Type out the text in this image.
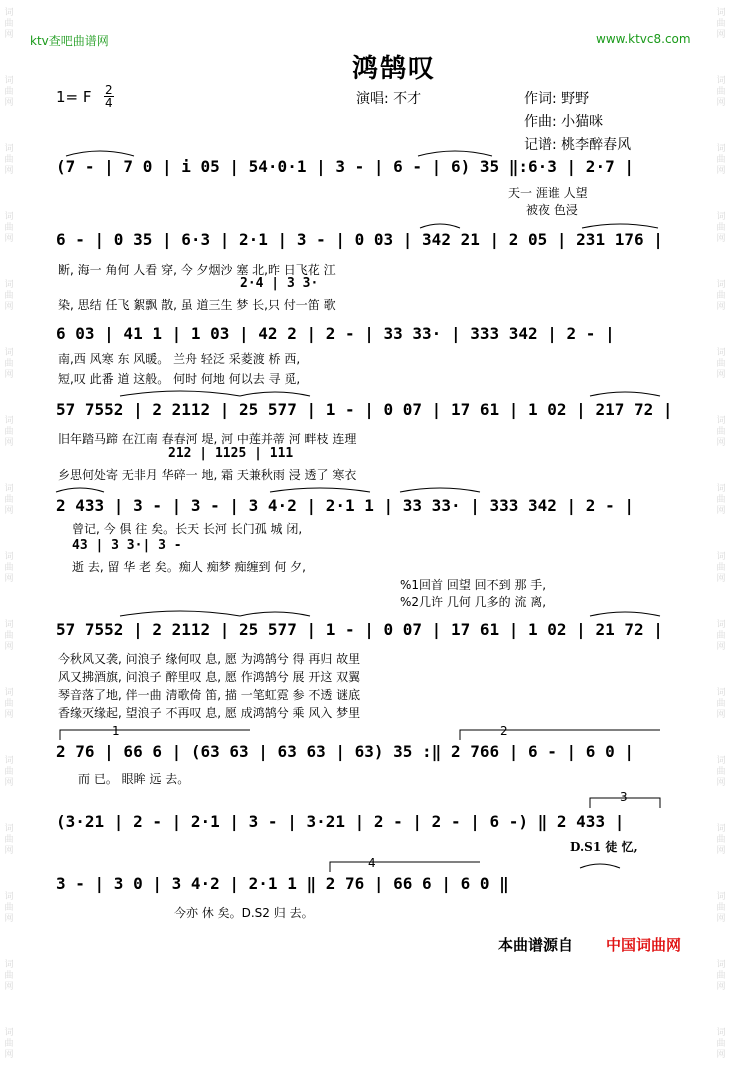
词
曲
网
词
曲
网
词
曲
网
词
曲
网
词
曲
网
词
曲
网
词
曲
网
词
曲
网
词
曲
网
词
曲
网
词
曲
网
词
曲
网
词
曲
网
词
曲
网
词
曲
网
词
曲
网
词
曲
网
词
曲
网
词
曲
网
词
曲
网
词
曲
网
词
曲
网
词
曲
网
词
曲
网
词
曲
网
词
曲
网
词
曲
网
词
曲
网
词
曲
网
词
曲
网
词
曲
网
词
曲
网
ktv查吧曲谱网	www.ktvc8.com
鸿鹄叹
1= F $\frac{2}{4}$	演唱: 不才	作词: 野野
作曲: 小猫咪
记谱: 桃李醉春风
(7 - | 7 0 | i 05 | 54·0·1 | 3 - | 6 - | 6) 35 ‖:6·3 | 2·7 |
天一 涯谁 人望
被夜 色浸
6 - | 0 35 | 6·3 | 2·1 | 3 - | 0 03 | 342 21 | 2 05 | 231 176 |
断, 海一 角何 人看 穿, 今 夕烟沙 塞 北,昨 日飞花 江
2·4 | 3 3·
染, 思结 任飞 絮飘 散, 虽 道三生 梦 长,只 付一笛 歌
6 03 | 41 1 | 1 03 | 42 2 | 2 - | 33 33· | 333 342 | 2 - |
南,西 风寒 东 风暖。 兰舟 轻泛 采菱渡 桥 西,
短,叹 此番 道 这般。 何时 何地 何以去 寻 觅,
57 7552 | 2 2112 | 25 577 | 1 - | 0 07 | 17 61 | 1 02 | 217 72 |
旧年踏马蹄 在江南 春春河 堤, 河 中莲并蒂 河 畔枝 连理
212 | 1125 | 111
乡思何处寄 无非月 华碎一 地, 霜 天兼秋雨 浸 透了 寒衣
2 433 | 3 - | 3 - | 3 4·2 | 2·1 1 | 33 33· | 333 342 | 2 - |
曾记, 今 俱 往 矣。长天 长河 长门孤 城 闭,
43 | 3 3·| 3 -
逝 去, 留 华 老 矣。痴人 痴梦 痴缠到 何 夕,
%1回首 回望 回不到 那 手,
%2几许 几何 几多的 流 离,
57 7552 | 2 2112 | 25 577 | 1 - | 0 07 | 17 61 | 1 02 | 21 72 |
今秋风又袭, 问浪子 缘何叹 息, 愿 为鸿鹄兮 得 再归 故里
风又拂酒旗, 问浪子 醉里叹 息, 愿 作鸿鹄兮 展 开这 双翼
琴音落了地, 伴一曲 清歌倚 笛, 描 一笔虹霓 参 不透 谜底
香缘灭缘起, 望浪子 不再叹 息, 愿 成鸿鹄兮 乘 风入 梦里
1	2
2 76 | 66 6 | (63 63 | 63 63 | 63) 35 :‖ 2 766 | 6 - | 6 0 |
而 已。 眼眸 远 去。
3
(3·21 | 2 - | 2·1 | 3 - | 3·21 | 2 - | 2 - | 6 -) ‖ 2 433 |
D.S1 徒 忆,
4
3 - | 3 0 | 3 4·2 | 2·1 1 ‖ 2 76 | 66 6 | 6 0 ‖
今亦 休 矣。D.S2 归 去。
本曲谱源自 中国词曲网
